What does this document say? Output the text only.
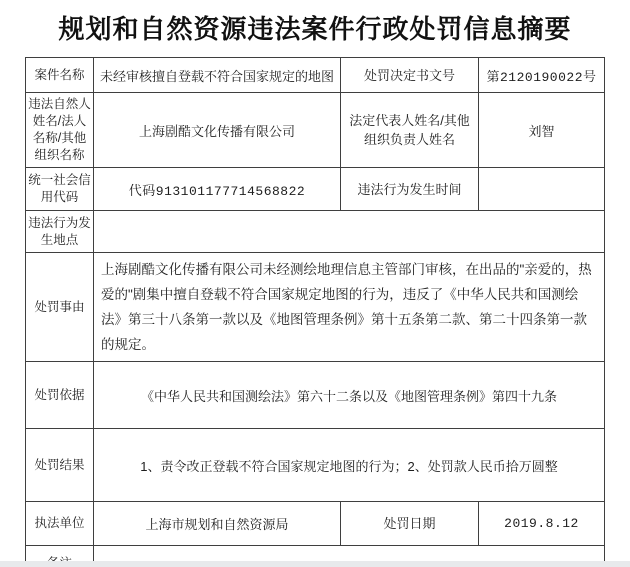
规划和自然资源违法案件行政处罚信息摘要
案件名称	未经审核擅自登载不符合国家规定的地图	处罚决定书文号	第2120190022号
违法自然人姓名/法人名称/其他组织名称	上海剧酷文化传播有限公司	法定代表人姓名/其他组织负责人姓名	刘智
统一社会信用代码	代码913101177714568822	违法行为发生时间	
违法行为发生地点			
处罚事由	上海剧酷文化传播有限公司未经测绘地理信息主管部门审核，在出品的"亲爱的，热爱的"剧集中擅自登载不符合国家规定地图的行为，违反了《中华人民共和国测绘法》第三十八条第一款以及《地图管理条例》第十五条第二款、第二十四条第一款的规定。		
处罚依据	《中华人民共和国测绘法》第六十二条以及《地图管理条例》第四十九条		
处罚结果	1、责令改正登载不符合国家规定地图的行为；2、处罚款人民币拾万圆整		
执法单位	上海市规划和自然资源局	处罚日期	2019.8.12
